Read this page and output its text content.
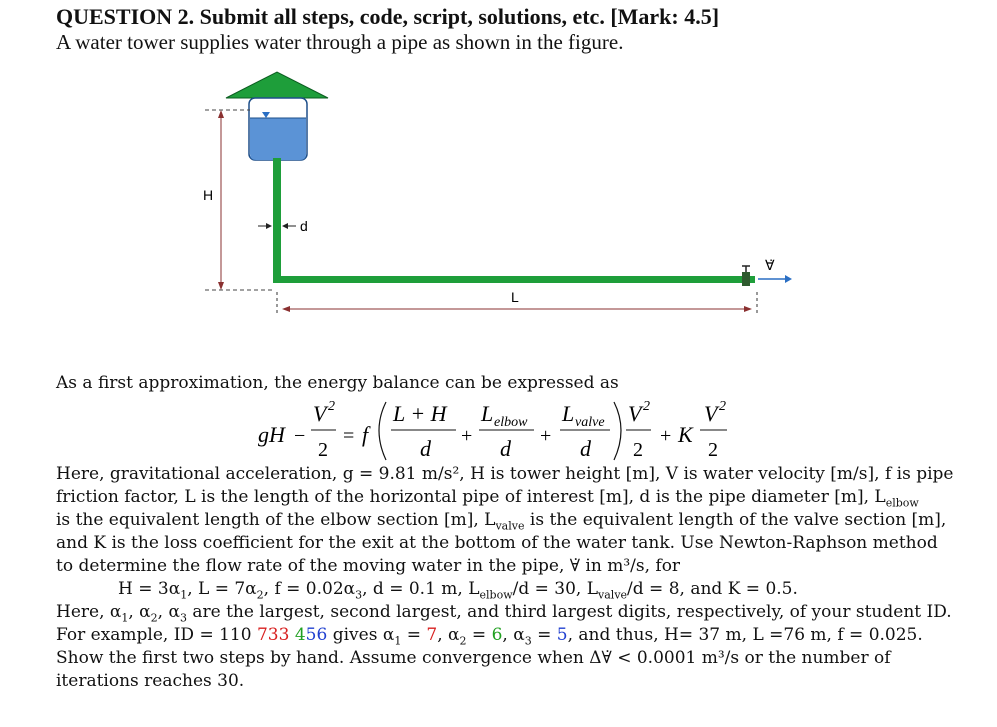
QUESTION 2. Submit all steps, code, script, solutions, etc. [Mark: 4.5]
A water tower supplies water through a pipe as shown in the figure.
H
d
L
∀̇
As a first approximation, the energy balance can be expressed as
gH −
V 2
2
= f
L + H
d +
L elbow
d +
L valve
d
V 2
2
+ K
V 2
2
Here, gravitational acceleration, g = 9.81 m/s², H is tower height [m], V is water velocity [m/s], f is pipe
friction factor, L is the length of the horizontal pipe of interest [m], d is the pipe diameter [m], $L_{elbow}$
is the equivalent length of the elbow section [m], $L_{valve}$ is the equivalent length of the valve section [m],
and K is the loss coefficient for the exit at the bottom of the water tank. Use Newton-Raphson method
to determine the flow rate of the moving water in the pipe, ∀̇ in m³/s, for
$H = 3\alpha_1$, $L = 7\alpha_2$, $f = 0.02\alpha_3$, d = 0.1 m, $L_{elbow}/d = 30$, $L_{valve}/d = 8$, and K = 0.5.
Here, $\alpha_1$, $\alpha_2$, $\alpha_3$ are the largest, second largest, and third largest digits, respectively, of your student ID.
For example, ID = 110 733 456 gives $\alpha_1 = 7$, $\alpha_2 = 6$, $\alpha_3 = 5$, and thus, H= 37 m, L =76 m, f = 0.025.
Show the first two steps by hand. Assume convergence when Δ∀̇ < 0.0001 m³/s or the number of
iterations reaches 30.
